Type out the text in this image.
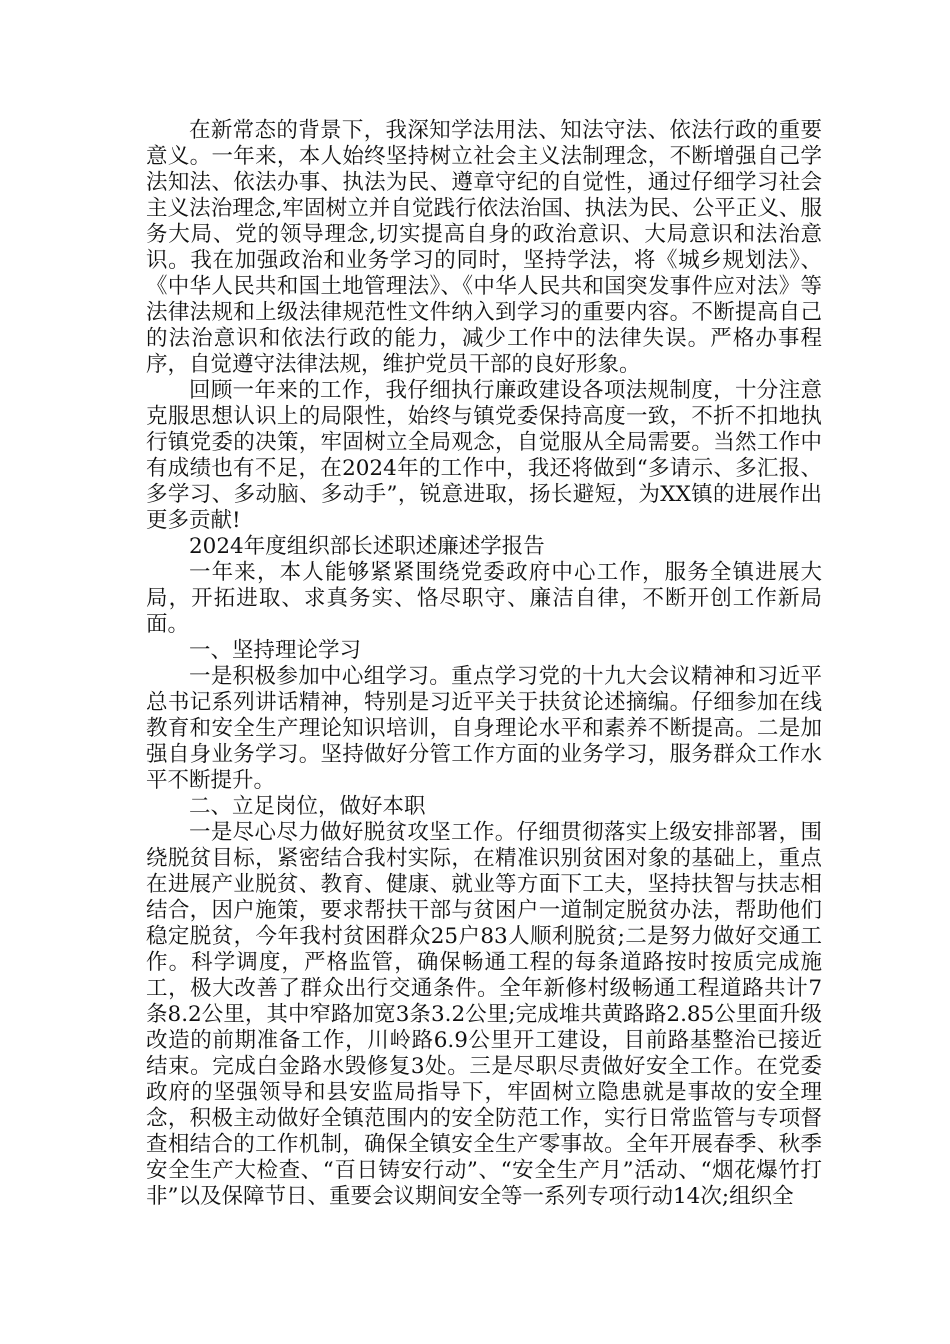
在新常态的背景下，我深知学法用法、知法守法、依法行政的重要意义。一年来，本人始终坚持树立社会主义法制理念，不断增强自己学法知法、依法办事、执法为民、遵章守纪的自觉性，通过仔细学习社会主义法治理念,牢固树立并自觉践行依法治国、执法为民、公平正义、服务大局、党的领导理念,切实提高自身的政治意识、大局意识和法治意识。我在加强政治和业务学习的同时，坚持学法，将《城乡规划法》、《中华人民共和国土地管理法》、《中华人民共和国突发事件应对法》等法律法规和上级法律规范性文件纳入到学习的重要内容。不断提高自己的法治意识和依法行政的能力，减少工作中的法律失误。严格办事程序，自觉遵守法律法规，维护党员干部的良好形象。

回顾一年来的工作，我仔细执行廉政建设各项法规制度，十分注意克服思想认识上的局限性，始终与镇党委保持高度一致，不折不扣地执行镇党委的决策，牢固树立全局观念，自觉服从全局需要。当然工作中有成绩也有不足，在2024年的工作中，我还将做到“多请示、多汇报、多学习、多动脑、多动手”，锐意进取，扬长避短，为XX镇的进展作出更多贡献!

2024年度组织部长述职述廉述学报告

一年来，本人能够紧紧围绕党委政府中心工作，服务全镇进展大局，开拓进取、求真务实、恪尽职守、廉洁自律，不断开创工作新局面。

一、坚持理论学习

一是积极参加中心组学习。重点学习党的十九大会议精神和习近平总书记系列讲话精神，特别是习近平关于扶贫论述摘编。仔细参加在线教育和安全生产理论知识培训，自身理论水平和素养不断提高。二是加强自身业务学习。坚持做好分管工作方面的业务学习，服务群众工作水平不断提升。

二、立足岗位，做好本职

一是尽心尽力做好脱贫攻坚工作。仔细贯彻落实上级安排部署，围绕脱贫目标，紧密结合我村实际，在精准识别贫困对象的基础上，重点在进展产业脱贫、教育、健康、就业等方面下工夫，坚持扶智与扶志相结合，因户施策，要求帮扶干部与贫困户一道制定脱贫办法，帮助他们稳定脱贫，今年我村贫困群众25户83人顺利脱贫;二是努力做好交通工作。科学调度，严格监管，确保畅通工程的每条道路按时按质完成施工，极大改善了群众出行交通条件。全年新修村级畅通工程道路共计7条8.2公里，其中窄路加宽3条3.2公里;完成堆共黄路路2.85公里面升级改造的前期准备工作，川岭路6.9公里开工建设，目前路基整治已接近结束。完成白金路水毁修复3处。三是尽职尽责做好安全工作。在党委政府的坚强领导和县安监局指导下，牢固树立隐患就是事故的安全理念，积极主动做好全镇范围内的安全防范工作，实行日常监管与专项督查相结合的工作机制，确保全镇安全生产零事故。全年开展春季、秋季安全生产大检查、“百日铸安行动”、“安全生产月”活动、“烟花爆竹打非”以及保障节日、重要会议期间安全等一系列专项行动14次;组织全
